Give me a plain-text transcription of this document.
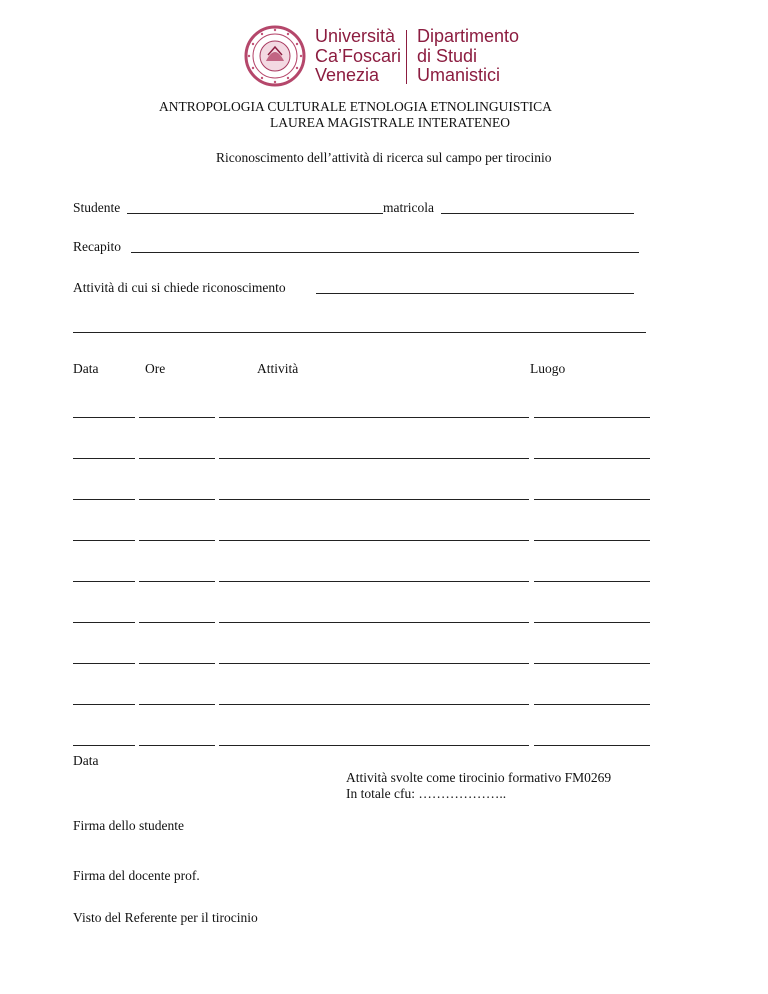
Università
Ca’Foscari
Venezia
Dipartimento
di Studi
Umanistici
ANTROPOLOGIA CULTURALE ETNOLOGIA ETNOLINGUISTICA
LAUREA MAGISTRALE INTERATENEO
Riconoscimento dell’attività di ricerca sul campo per tirocinio
Studente	matricola
Recapito
Attività di cui si chiede riconoscimento
Data	Ore	Attività	Luogo
Data
Attività svolte come tirocinio formativo FM0269
In totale cfu: ………………..
Firma dello studente
Firma del docente prof.
Visto del Referente per il tirocinio
